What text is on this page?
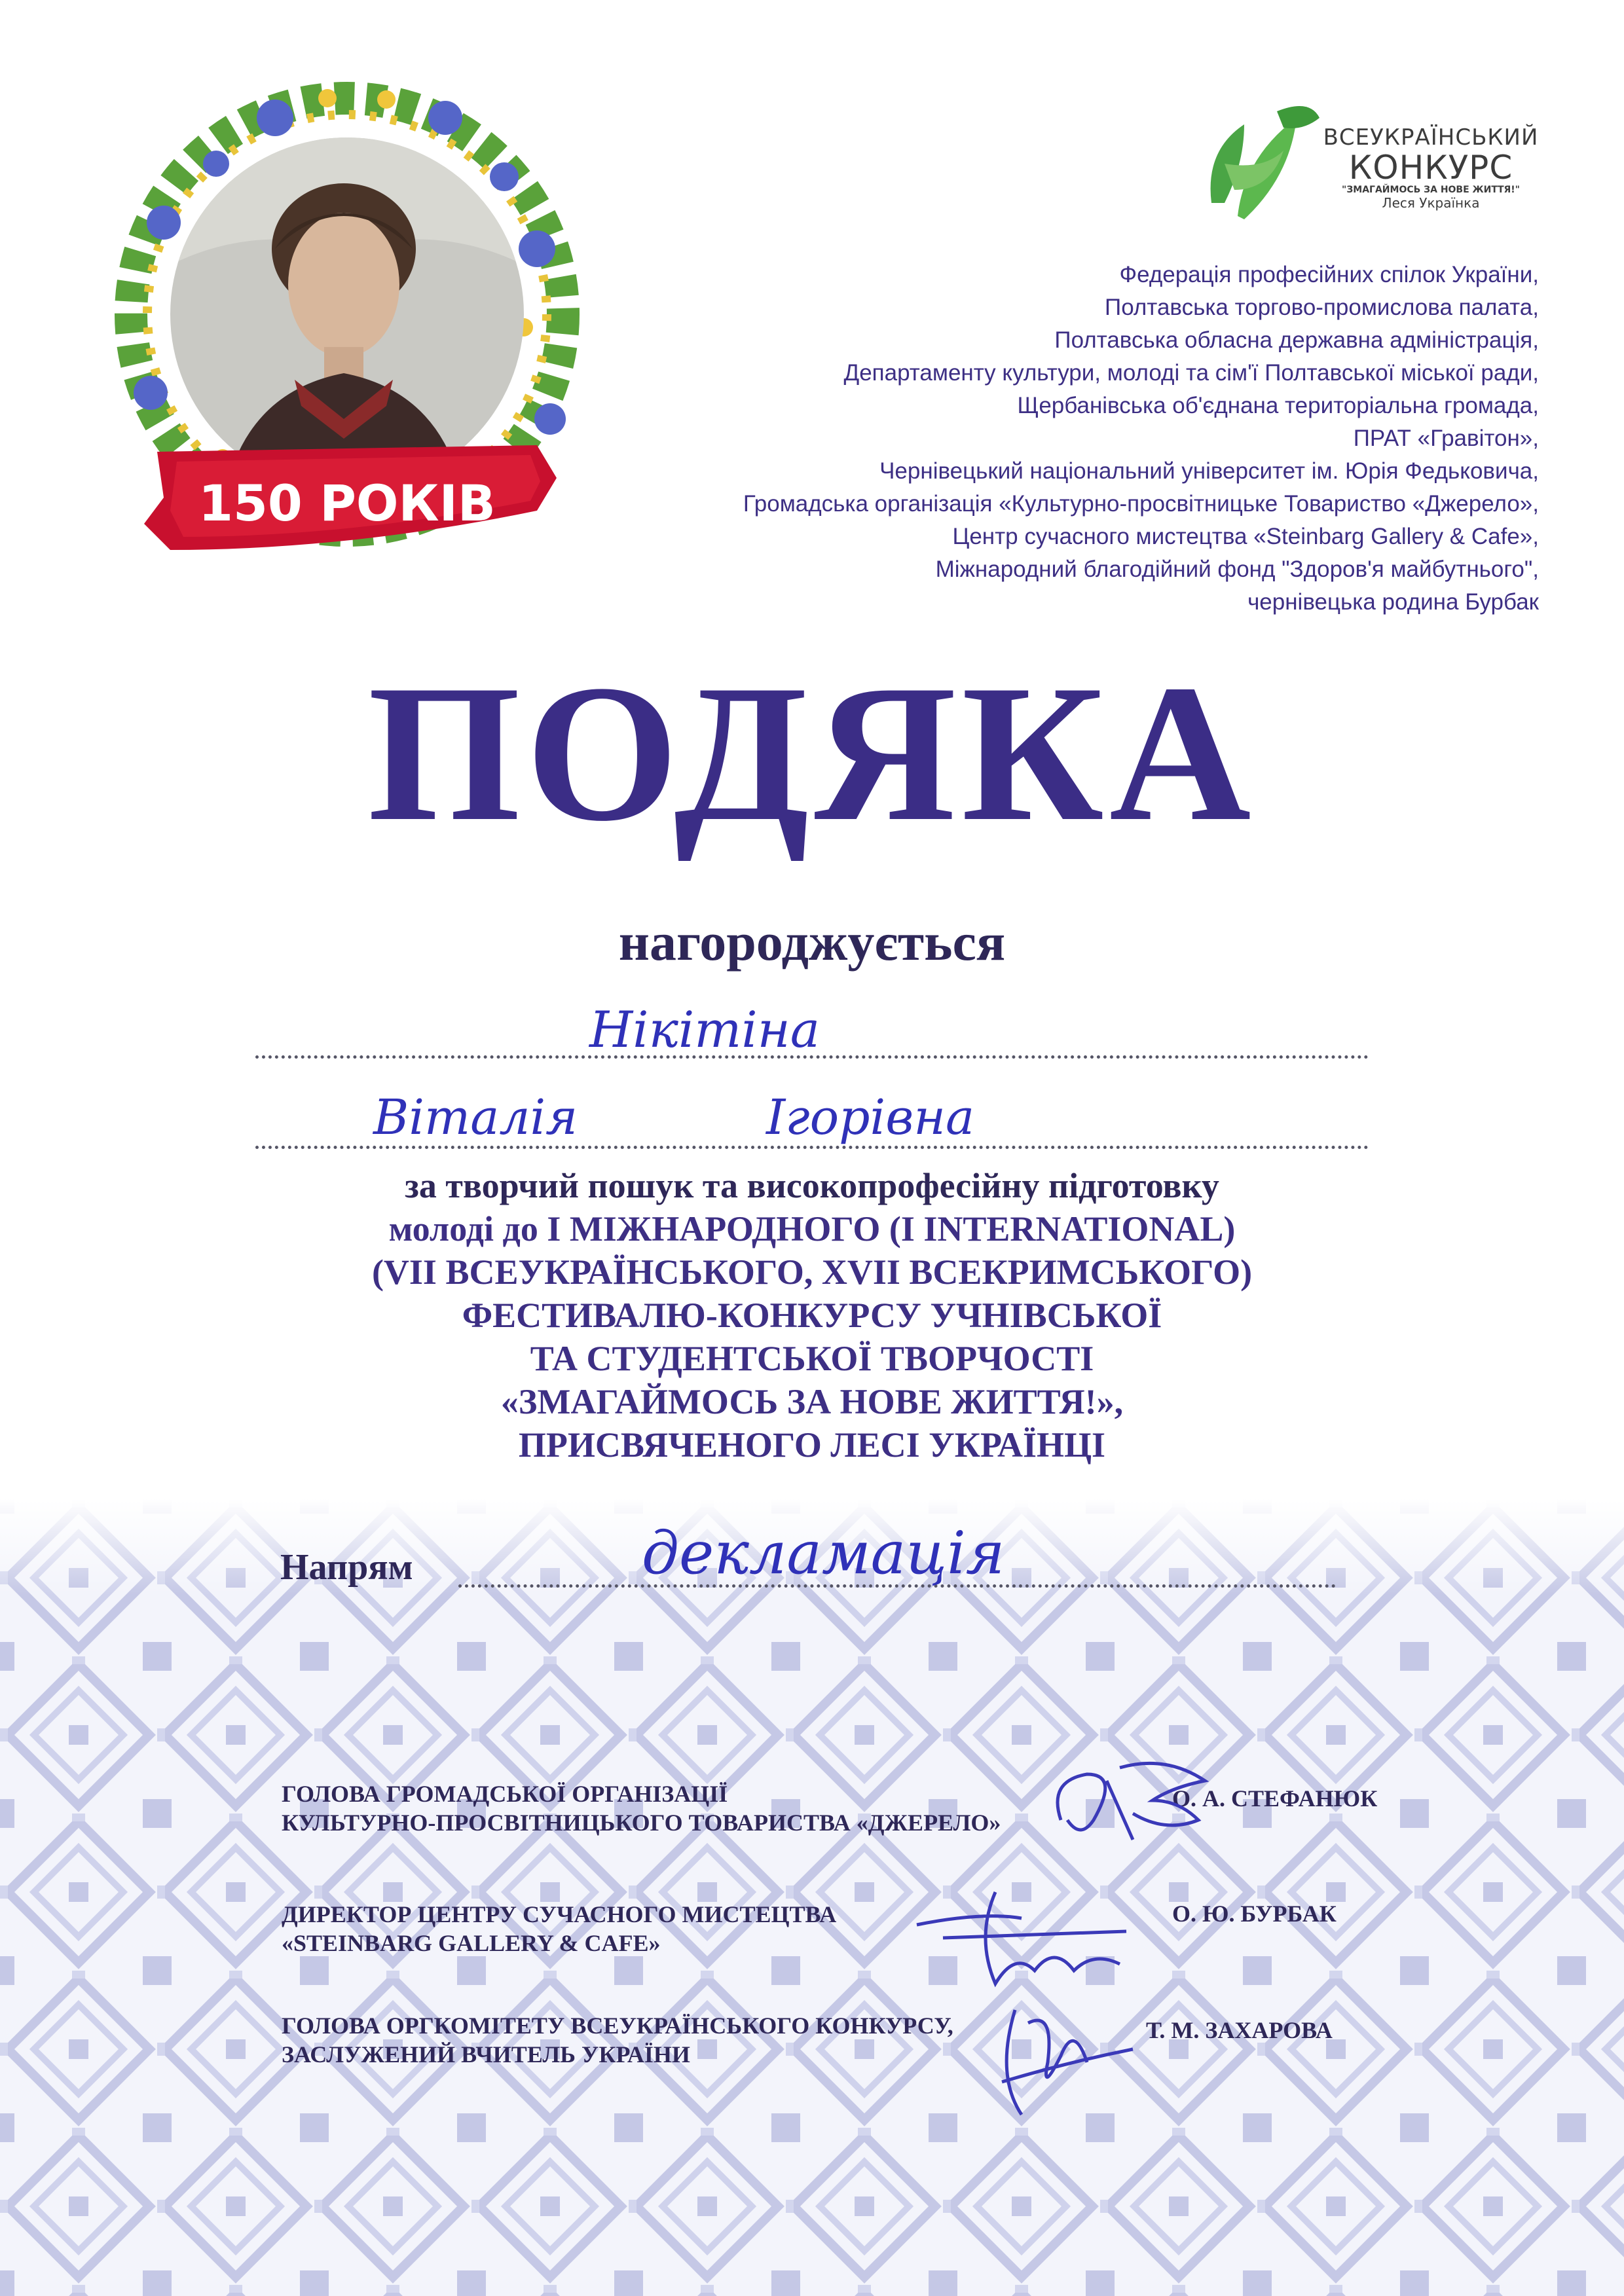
150 РОКІВ
ВСЕУКРАЇНСЬКИЙ
КОНКУРС
"ЗМАГАЙМОСЬ ЗА НОВЕ ЖИТТЯ!"
Леся Українка
Федерація професійних спілок України,
Полтавська торгово-промислова палата,
Полтавська обласна державна адміністрація,
Департаменту культури, молоді та сім'ї Полтавської міської ради,
Щербанівська об'єднана територіальна громада,
ПРАТ «Гравітон»,
Чернівецький національний університет ім. Юрія Федьковича,
Громадська організація «Культурно-просвітницьке Товариство «Джерело»,
Центр сучасного мистецтва «Steinbarg Gallery & Cafe»,
Міжнародний благодійний фонд "Здоров'я майбутнього",
чернівецька родина Бурбак
ПОДЯКА
нагороджується
Нікітіна
Віталія	Ігорівна
за творчий пошук та високопрофесійну підготовку
молоді до І МІЖНАРОДНОГО (I INTERNATIONAL)
(VII ВСЕУКРАЇНСЬКОГО, XVII ВСЕКРИМСЬКОГО)
ФЕСТИВАЛЮ-КОНКУРСУ УЧНІВСЬКОЇ
ТА СТУДЕНТСЬКОЇ ТВОРЧОСТІ
«ЗМАГАЙМОСЬ ЗА НОВЕ ЖИТТЯ!»,
ПРИСВЯЧЕНОГО ЛЕСІ УКРАЇНЦІ
Напрям	декламація
ГОЛОВА ГРОМАДСЬКОЇ ОРГАНІЗАЦІЇ
КУЛЬТУРНО-ПРОСВІТНИЦЬКОГО ТОВАРИСТВА «ДЖЕРЕЛО»
О. А. СТЕФАНЮК
ДИРЕКТОР ЦЕНТРУ СУЧАСНОГО МИСТЕЦТВА
«STEINBARG GALLERY & CAFE»
О. Ю. БУРБАК
ГОЛОВА ОРГКОМІТЕТУ ВСЕУКРАЇНСЬКОГО КОНКУРСУ,
ЗАСЛУЖЕНИЙ ВЧИТЕЛЬ УКРАЇНИ
Т. М. ЗАХАРОВА
